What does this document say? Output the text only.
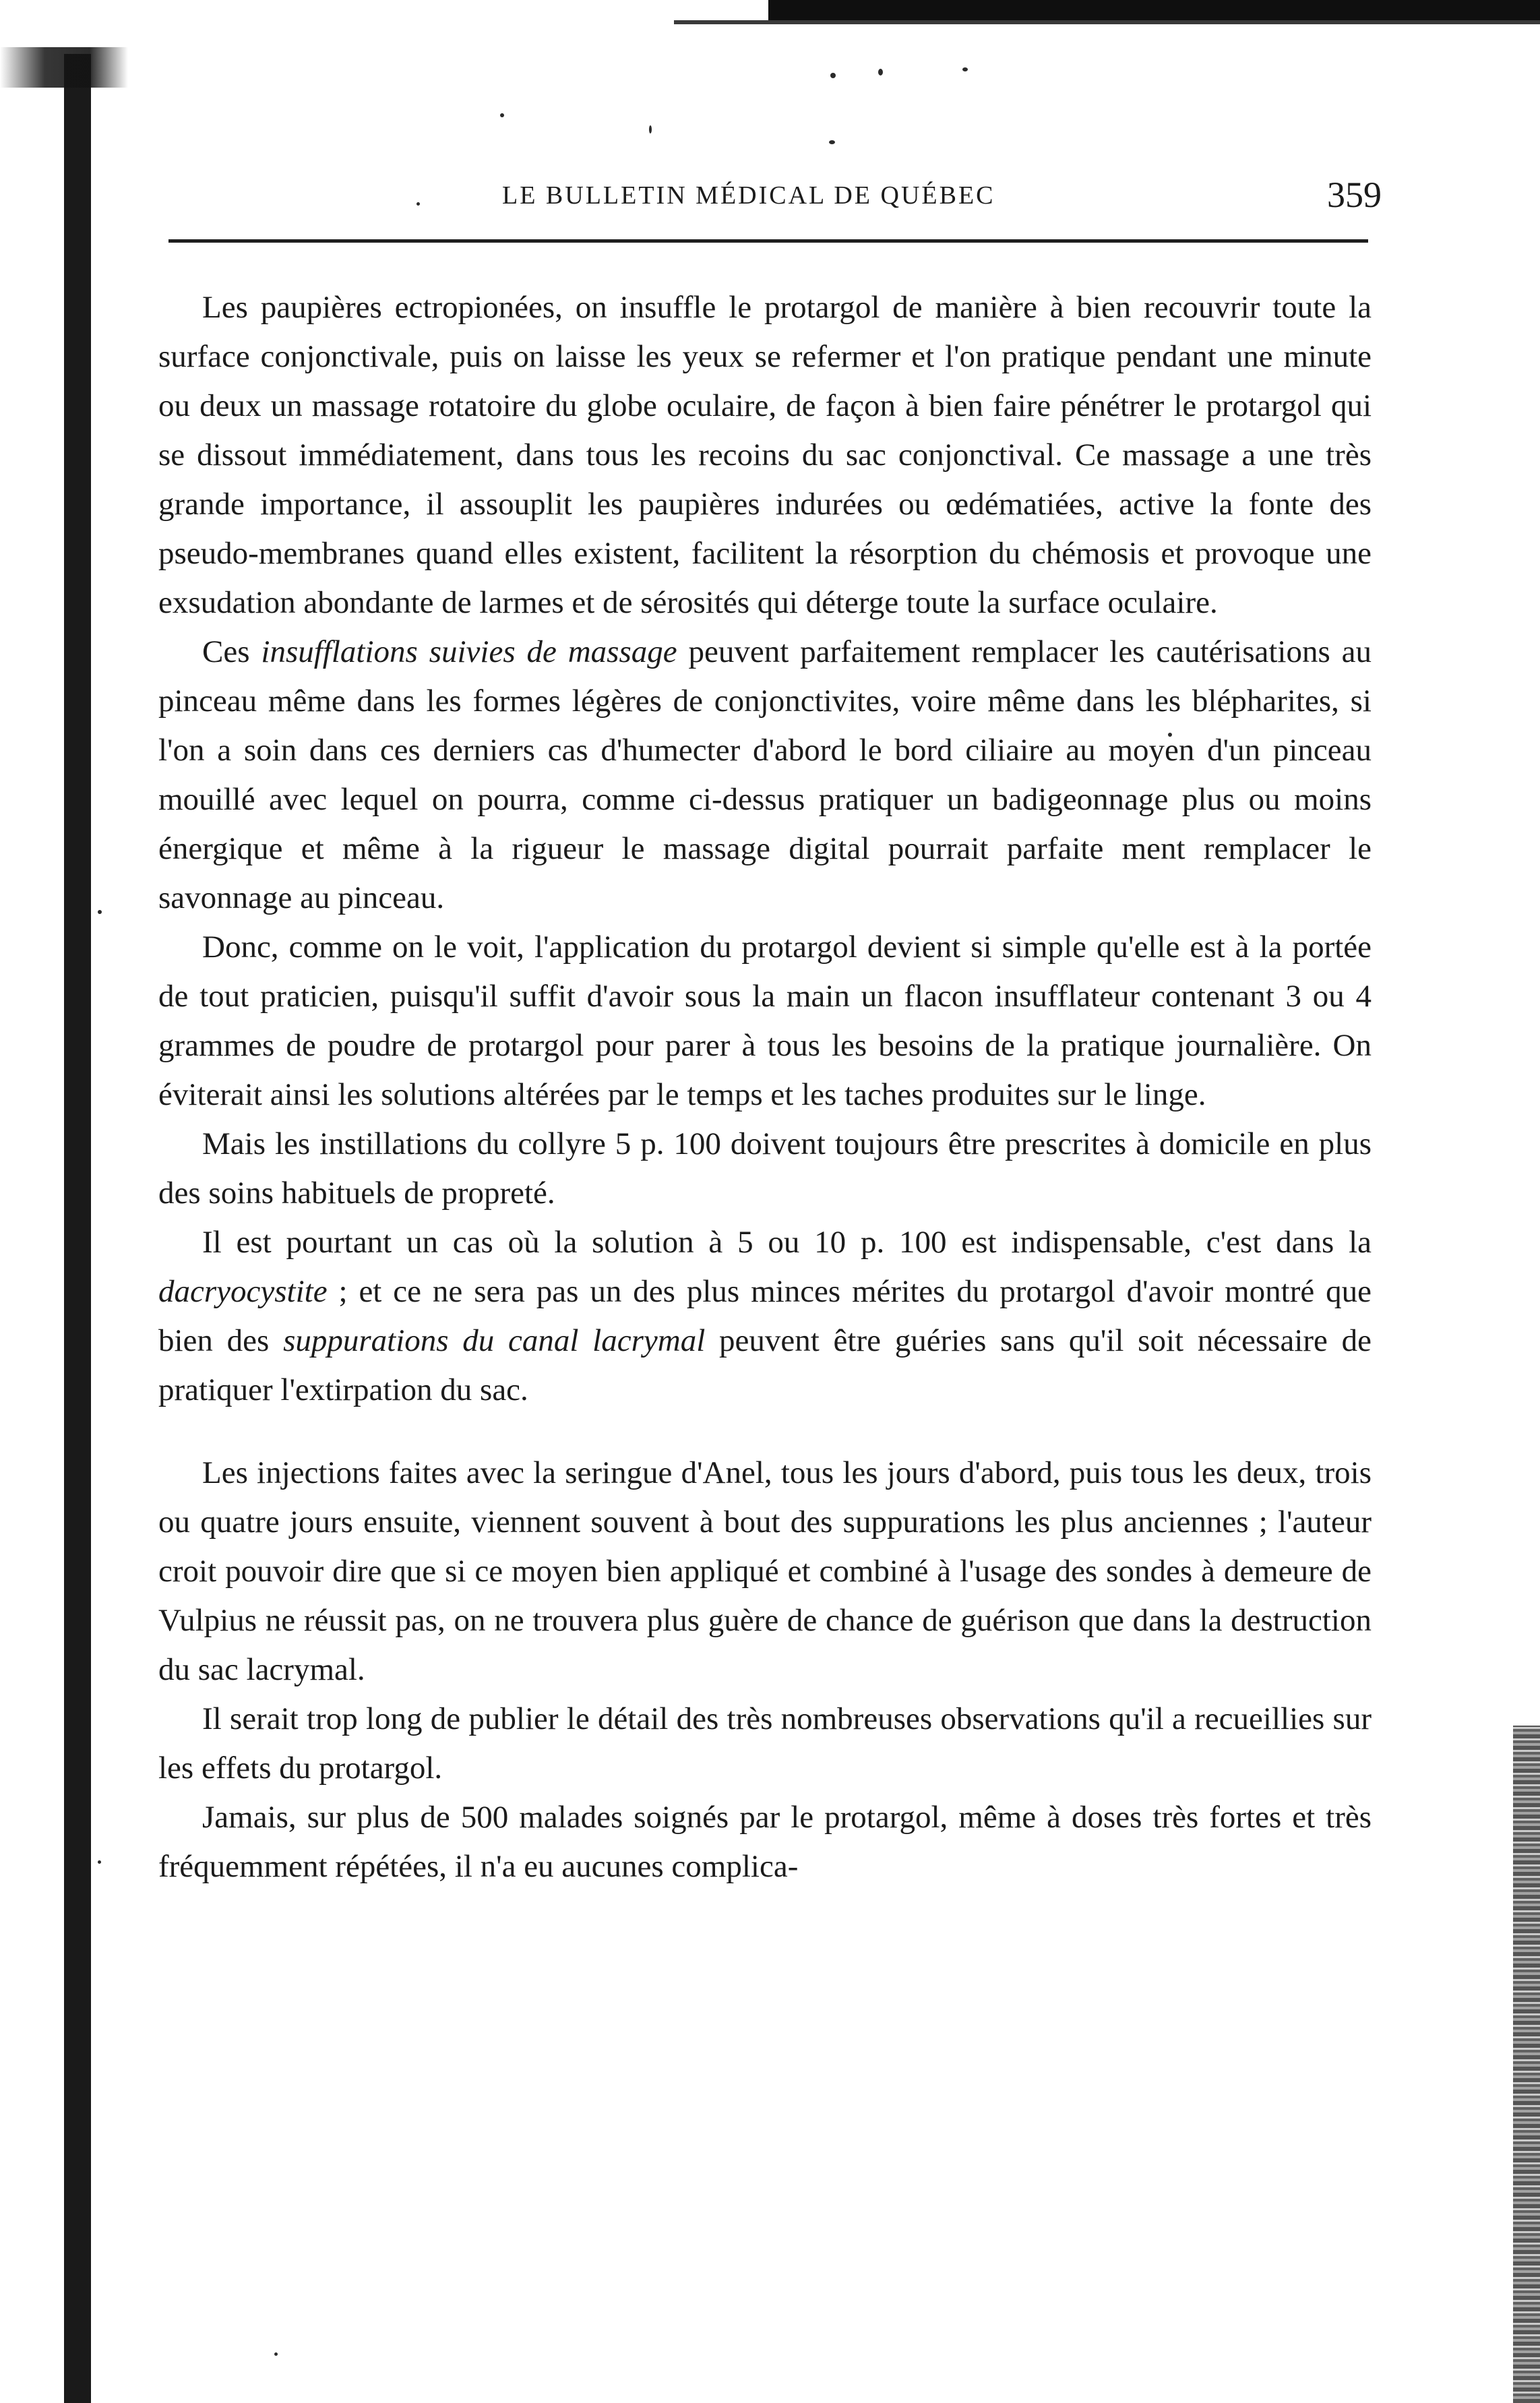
LE BULLETIN MÉDICAL DE QUÉBEC	359

Les paupières ectropionées, on insuffle le protargol de manière à bien recouvrir toute la surface conjonctivale, puis on laisse les yeux se refermer et l'on pratique pendant une minute ou deux un massage rotatoire du globe oculaire, de façon à bien faire pénétrer le protargol qui se dissout immédiatement, dans tous les recoins du sac conjonctival. Ce massage a une très grande importance, il assouplit les paupières indurées ou œdématiées, active la fonte des pseudo-membranes quand elles existent, facilitent la résorption du chémosis et provoque une exsudation abondante de larmes et de sérosités qui déterge toute la surface oculaire.

Ces insufflations suivies de massage peuvent parfaitement remplacer les cautérisations au pinceau même dans les formes légères de conjonctivites, voire même dans les blépharites, si l'on a soin dans ces derniers cas d'humecter d'abord le bord ciliaire au moyen d'un pinceau mouillé avec lequel on pourra, comme ci-dessus pratiquer un badigeonnage plus ou moins énergique et même à la rigueur le massage digital pourrait parfaite ment remplacer le savonnage au pinceau.

Donc, comme on le voit, l'application du protargol devient si simple qu'elle est à la portée de tout praticien, puisqu'il suffit d'avoir sous la main un flacon insufflateur contenant 3 ou 4 grammes de poudre de protargol pour parer à tous les besoins de la pratique journalière. On éviterait ainsi les solutions altérées par le temps et les taches produites sur le linge.

Mais les instillations du collyre 5 p. 100 doivent toujours être prescrites à domicile en plus des soins habituels de propreté.

Il est pourtant un cas où la solution à 5 ou 10 p. 100 est indispensable, c'est dans la dacryocystite ; et ce ne sera pas un des plus minces mérites du protargol d'avoir montré que bien des suppurations du canal lacrymal peuvent être guéries sans qu'il soit nécessaire de pratiquer l'extirpation du sac.

Les injections faites avec la seringue d'Anel, tous les jours d'abord, puis tous les deux, trois ou quatre jours ensuite, viennent souvent à bout des suppurations les plus anciennes ; l'auteur croit pouvoir dire que si ce moyen bien appliqué et combiné à l'usage des sondes à demeure de Vulpius ne réussit pas, on ne trouvera plus guère de chance de guérison que dans la destruction du sac lacrymal.

Il serait trop long de publier le détail des très nombreuses observations qu'il a recueillies sur les effets du protargol.

Jamais, sur plus de 500 malades soignés par le protargol, même à doses très fortes et très fréquemment répétées, il n'a eu aucunes complica-
